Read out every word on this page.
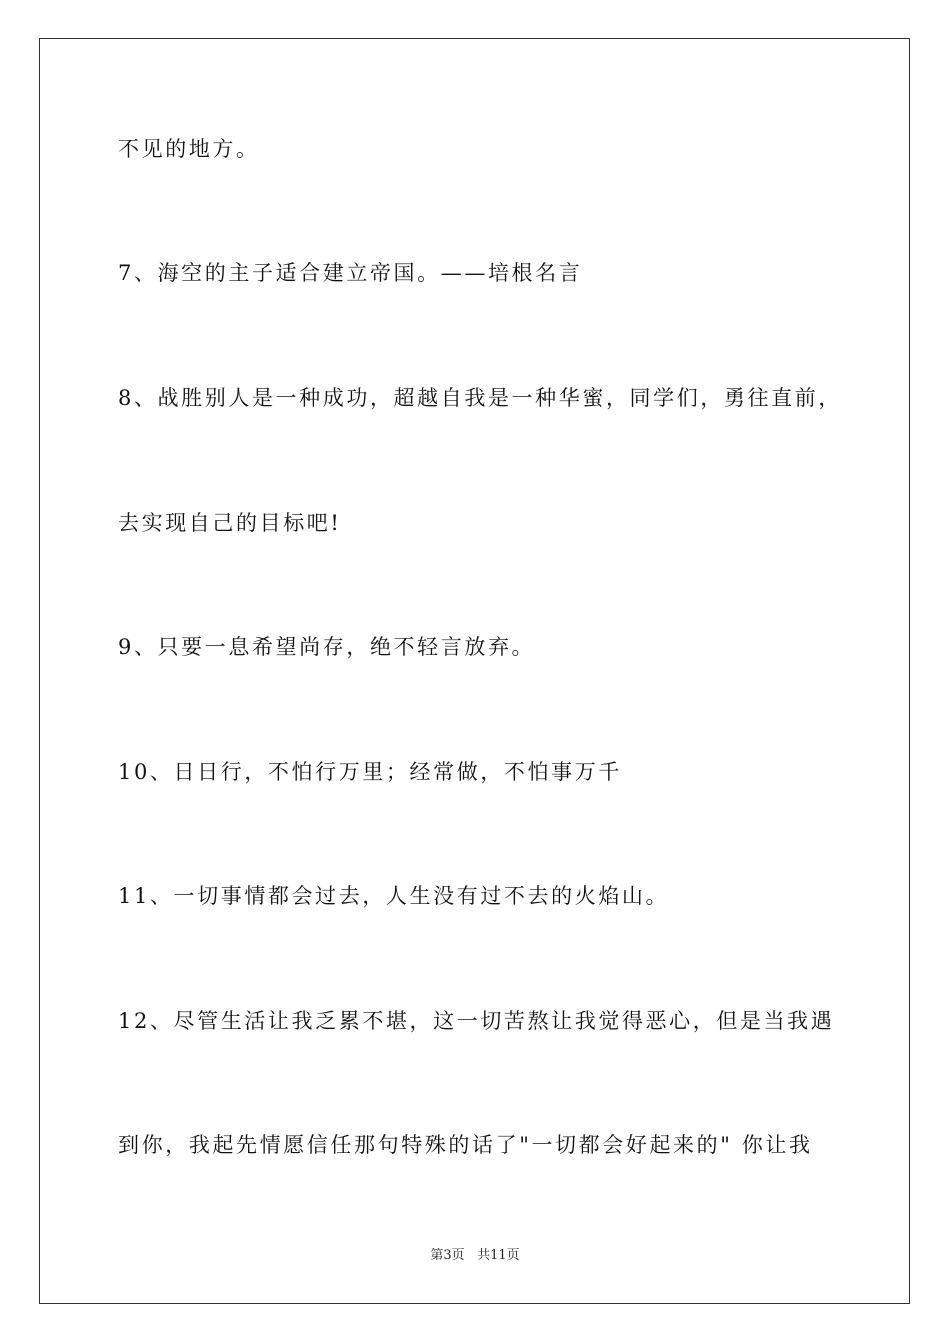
不见的地方。
7、海空的主子适合建立帝国。——培根名言
8、战胜别人是一种成功，超越自我是一种华蜜，同学们，勇往直前，
去实现自己的目标吧!
9、只要一息希望尚存，绝不轻言放弃。
10、日日行，不怕行万里；经常做，不怕事万千
11、一切事情都会过去，人生没有过不去的火焰山。
12、尽管生活让我乏累不堪，这一切苦熬让我觉得恶心，但是当我遇
到你，我起先情愿信任那句特殊的话了"一切都会好起来的" 你让我
第3页 共11页
